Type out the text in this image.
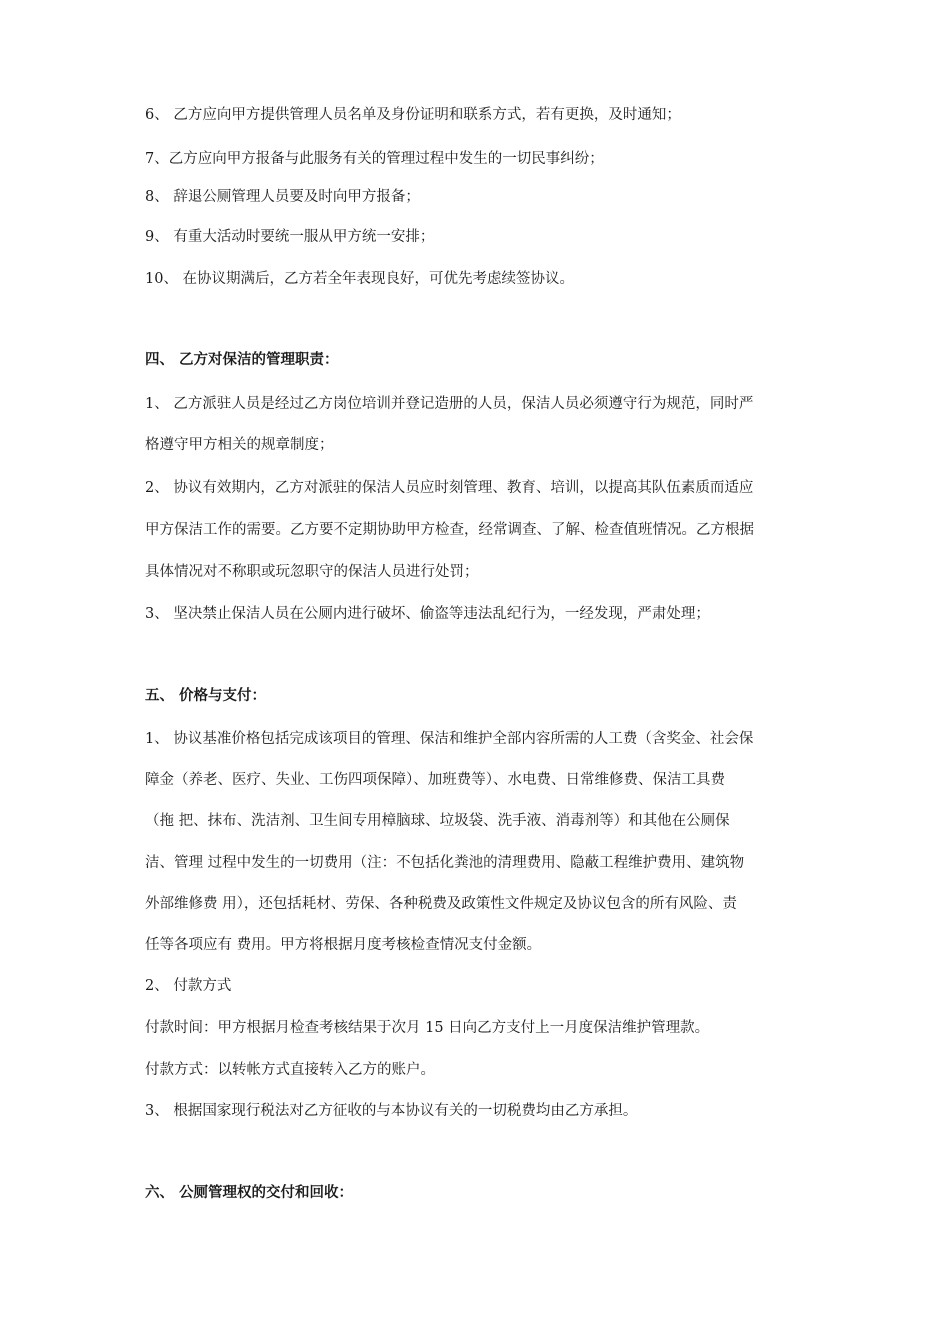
6、 乙方应向甲方提供管理人员名单及身份证明和联系方式，若有更换，及时通知；
7、乙方应向甲方报备与此服务有关的管理过程中发生的一切民事纠纷；
8、 辞退公厕管理人员要及时向甲方报备；
9、 有重大活动时要统一服从甲方统一安排；
10、 在协议期满后，乙方若全年表现良好，可优先考虑续签协议。
四、 乙方对保洁的管理职责：
1、 乙方派驻人员是经过乙方岗位培训并登记造册的人员，保洁人员必须遵守行为规范，同时严
格遵守甲方相关的规章制度；
2、 协议有效期内，乙方对派驻的保洁人员应时刻管理、教育、培训，以提高其队伍素质而适应
甲方保洁工作的需要。乙方要不定期协助甲方检查，经常调查、了解、检查值班情况。乙方根据
具体情况对不称职或玩忽职守的保洁人员进行处罚；
3、 坚决禁止保洁人员在公厕内进行破坏、偷盗等违法乱纪行为，一经发现，严肃处理；
五、 价格与支付：
1、 协议基准价格包括完成该项目的管理、保洁和维护全部内容所需的人工费（含奖金、社会保
障金（养老、医疗、失业、工伤四项保障）、加班费等）、水电费、日常维修费、保洁工具费
（拖 把、抹布、洗洁剂、卫生间专用樟脑球、垃圾袋、洗手液、消毒剂等）和其他在公厕保
洁、管理 过程中发生的一切费用（注：不包括化粪池的清理费用、隐蔽工程维护费用、建筑物
外部维修费 用），还包括耗材、劳保、各种税费及政策性文件规定及协议包含的所有风险、责
任等各项应有 费用。甲方将根据月度考核检查情况支付金额。
2、 付款方式
付款时间：甲方根据月检查考核结果于次月 15 日向乙方支付上一月度保洁维护管理款。
付款方式：以转帐方式直接转入乙方的账户。
3、 根据国家现行税法对乙方征收的与本协议有关的一切税费均由乙方承担。
六、 公厕管理权的交付和回收：
